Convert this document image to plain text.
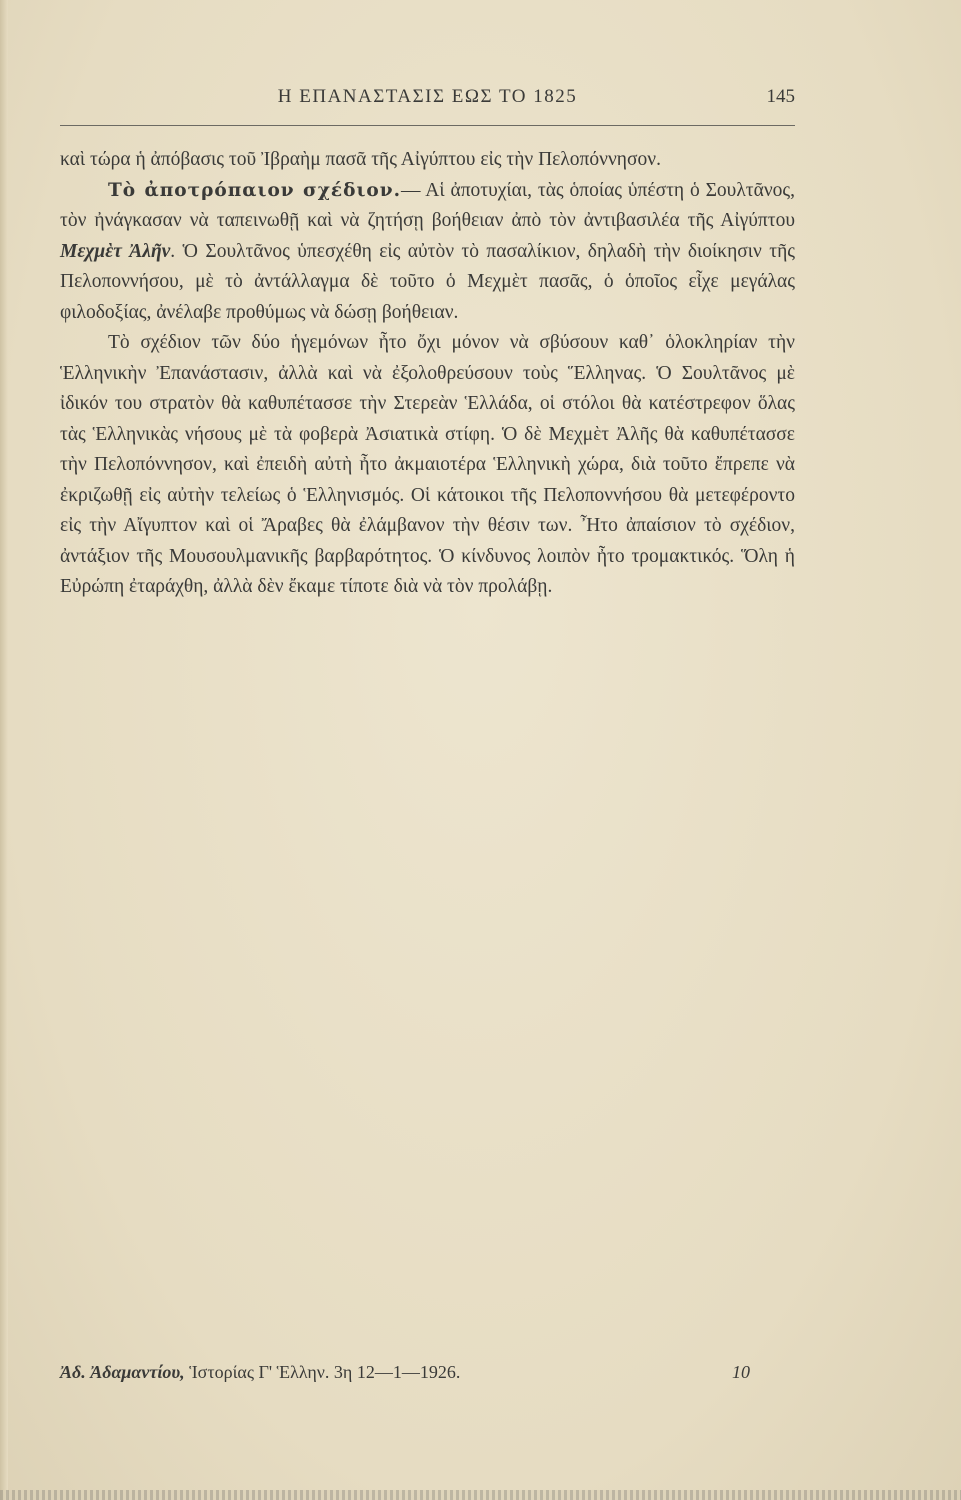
Η ΕΠΑΝΑΣΤΑΣΙΣ ΕΩΣ ΤΟ 1825	145

καὶ τώρα ἡ ἀπόβασις τοῦ Ἰβραὴμ πασᾶ τῆς Αἰγύπτου εἰς τὴν Πελοπόννησον.

Τὸ ἀποτρόπαιον σχέδιον.— Αἱ ἀποτυχίαι, τὰς ὁποίας ὑπέστη ὁ Σουλτᾶνος, τὸν ἠνάγκασαν νὰ ταπεινωθῇ καὶ νὰ ζητήσῃ βοήθειαν ἀπὸ τὸν ἀντιβασιλέα τῆς Αἰγύπτου Μεχμὲτ Ἀλῆν. Ὁ Σουλτᾶνος ὑπεσχέθη εἰς αὐτὸν τὸ πασαλίκιον, δηλαδὴ τὴν διοίκησιν τῆς Πελοποννήσου, μὲ τὸ ἀντάλλαγμα δὲ τοῦτο ὁ Μεχμὲτ πασᾶς, ὁ ὁποῖος εἶχε μεγάλας φιλοδοξίας, ἀνέλαβε προθύμως νὰ δώσῃ βοήθειαν.

Τὸ σχέδιον τῶν δύο ἡγεμόνων ἦτο ὄχι μόνον νὰ σβύσουν καθ᾽ ὁλοκληρίαν τὴν Ἑλληνικὴν Ἐπανάστασιν, ἀλλὰ καὶ νὰ ἐξολοθρεύσουν τοὺς Ἕλληνας. Ὁ Σουλτᾶνος μὲ ἰδικόν του στρατὸν θὰ καθυπέτασσε τὴν Στερεὰν Ἑλλάδα, οἱ στόλοι θὰ κατέστρεφον ὅλας τὰς Ἑλληνικὰς νήσους μὲ τὰ φοβερὰ Ἀσιατικὰ στίφη. Ὁ δὲ Μεχμὲτ Ἀλῆς θὰ καθυπέτασσε τὴν Πελοπόννησον, καὶ ἐπειδὴ αὐτὴ ἦτο ἀκμαιοτέρα Ἑλληνικὴ χώρα, διὰ τοῦτο ἔπρεπε νὰ ἐκριζωθῇ εἰς αὐτὴν τελείως ὁ Ἑλληνισμός. Οἱ κάτοικοι τῆς Πελοποννήσου θὰ μετεφέροντο εἰς τὴν Αἴγυπτον καὶ οἱ Ἄραβες θὰ ἐλάμβανον τὴν θέσιν των. Ἦτο ἀπαίσιον τὸ σχέδιον, ἀντάξιον τῆς Μουσουλμανικῆς βαρβαρότητος. Ὁ κίνδυνος λοιπὸν ἦτο τρομακτικός. Ὅλη ἡ Εὐρώπη ἐταράχθη, ἀλλὰ δὲν ἔκαμε τίποτε διὰ νὰ τὸν προλάβῃ.

Ἀδ. Ἀδαμαντίου, Ἱστορίας Γ' Ἑλλην. 3η 12—1—1926.	10
